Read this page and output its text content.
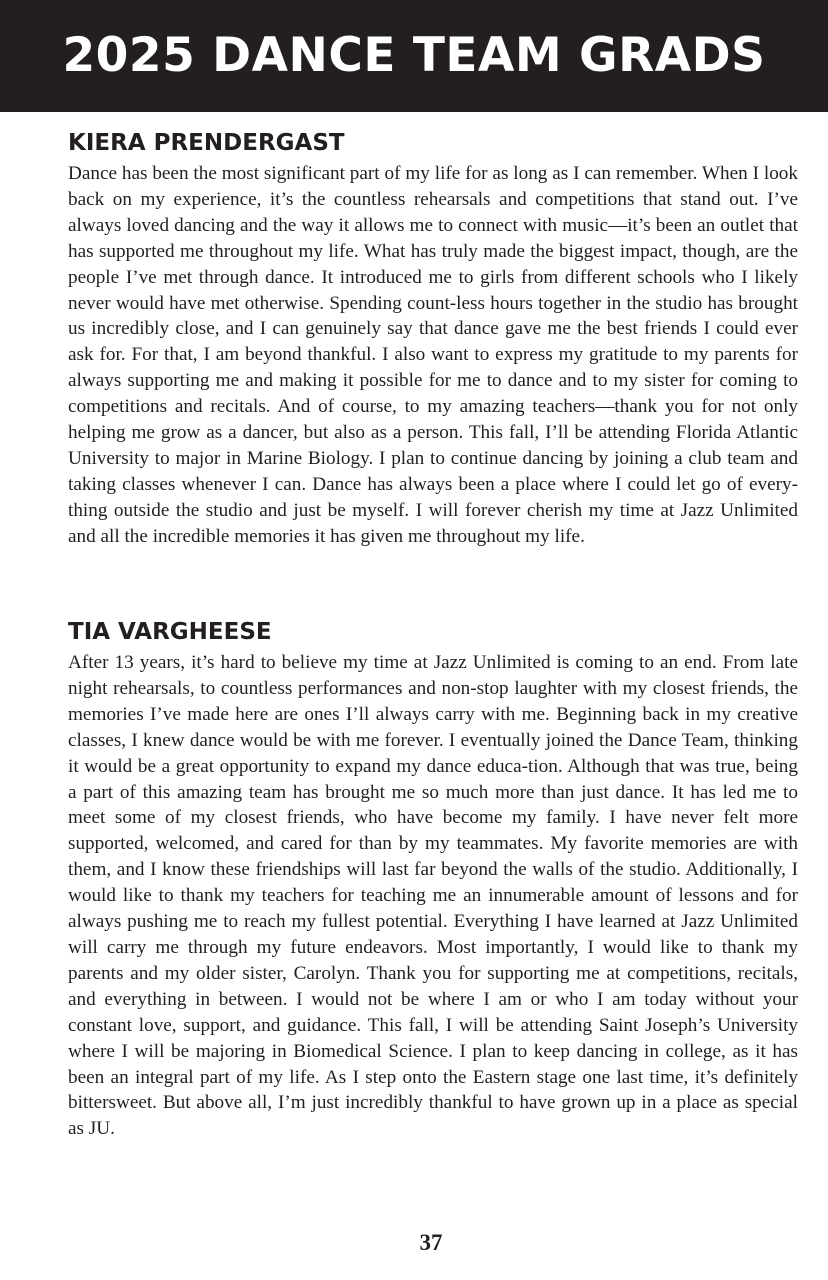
2025 DANCE TEAM GRADS
KIERA PRENDERGAST

Dance has been the most significant part of my life for as long as I can remember. When I look back on my experience, it’s the countless rehearsals and competitions that stand out. I’ve always loved dancing and the way it allows me to connect with music—it’s been an outlet that has supported me throughout my life. What has truly made the biggest impact, though, are the people I’ve met through dance. It introduced me to girls from different schools who I likely never would have met otherwise. Spending count-less hours together in the studio has brought us incredibly close, and I can genuinely say that dance gave me the best friends I could ever ask for. For that, I am beyond thankful. I also want to express my gratitude to my parents for always supporting me and making it possible for me to dance and to my sister for coming to competitions and recitals. And of course, to my amazing teachers—thank you for not only helping me grow as a dancer, but also as a person. This fall, I’ll be attending Florida Atlantic University to major in Marine Biology. I plan to continue dancing by joining a club team and taking classes whenever I can. Dance has always been a place where I could let go of every-thing outside the studio and just be myself. I will forever cherish my time at Jazz Unlimited and all the incredible memories it has given me throughout my life.

TIA VARGHEESE

After 13 years, it’s hard to believe my time at Jazz Unlimited is coming to an end. From late night rehearsals, to countless performances and non-stop laughter with my closest friends, the memories I’ve made here are ones I’ll always carry with me. Beginning back in my creative classes, I knew dance would be with me forever. I eventually joined the Dance Team, thinking it would be a great opportunity to expand my dance educa-tion. Although that was true, being a part of this amazing team has brought me so much more than just dance. It has led me to meet some of my closest friends, who have become my family. I have never felt more supported, welcomed, and cared for than by my teammates. My favorite memories are with them, and I know these friendships will last far beyond the walls of the studio. Additionally, I would like to thank my teachers for teaching me an innumerable amount of lessons and for always pushing me to reach my fullest potential. Everything I have learned at Jazz Unlimited will carry me through my future endeavors. Most importantly, I would like to thank my parents and my older sister, Carolyn. Thank you for supporting me at competitions, recitals, and everything in between. I would not be where I am or who I am today without your constant love, support, and guidance. This fall, I will be attending Saint Joseph’s University where I will be majoring in Biomedical Science. I plan to keep dancing in college, as it has been an integral part of my life. As I step onto the Eastern stage one last time, it’s definitely bittersweet. But above all, I’m just incredibly thankful to have grown up in a place as special as JU.

37
